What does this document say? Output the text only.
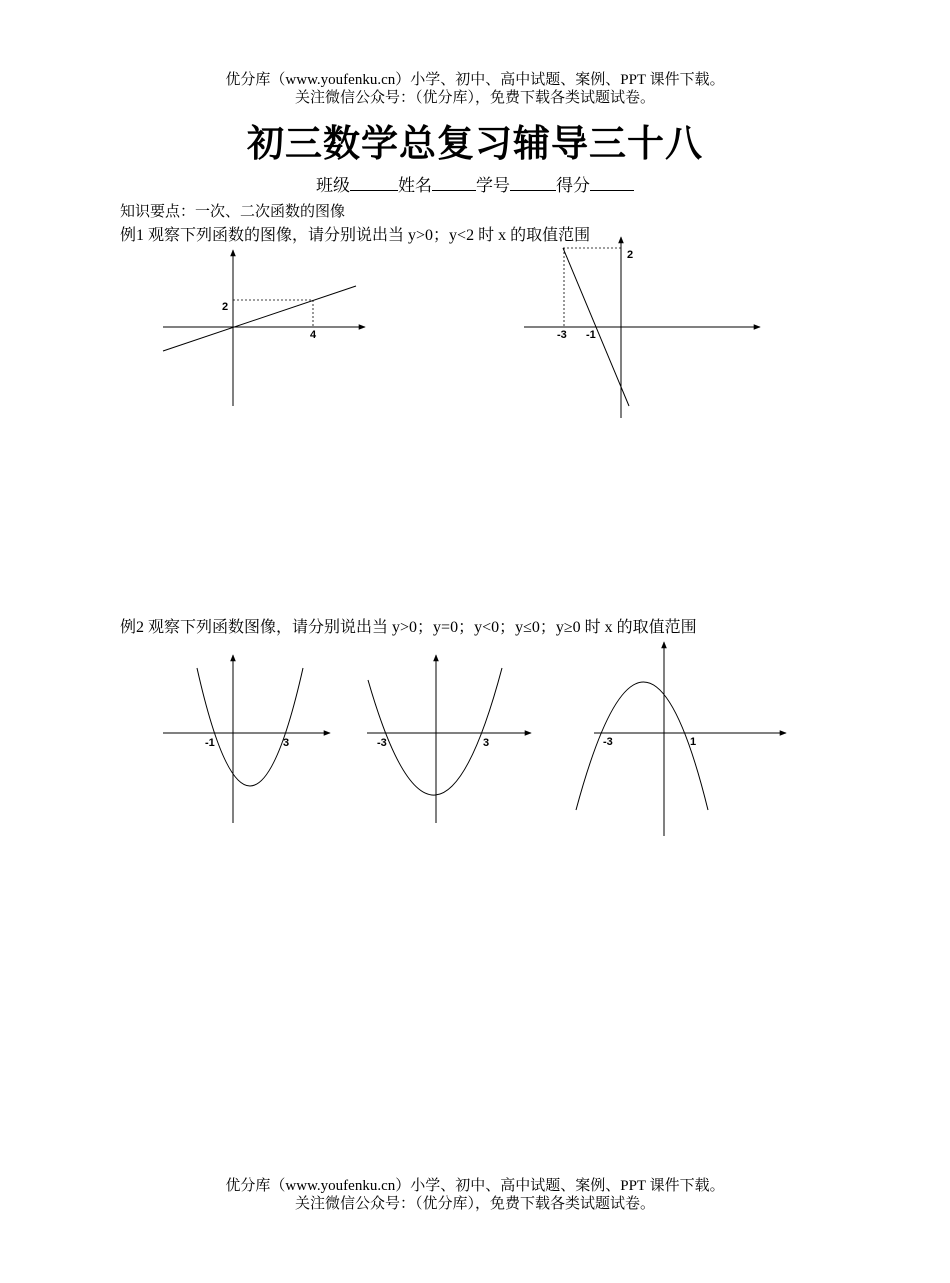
优分库（www.youfenku.cn）小学、初中、高中试题、案例、PPT 课件下载。
关注微信公众号：（优分库），免费下载各类试题试卷。
初三数学总复习辅导三十八
班级	姓名	学号	得分
知识要点：一次、二次函数的图像
例1 观察下列函数的图像，请分别说出当 y>0；y<2 时 x 的取值范围
例2 观察下列函数图像，请分别说出当 y>0；y=0；y<0；y≤0；y≥0 时 x 的取值范围
2
4
2
-3 -1
-1	3	-3	3	-3	1
优分库（www.youfenku.cn）小学、初中、高中试题、案例、PPT 课件下载。
关注微信公众号：（优分库），免费下载各类试题试卷。
